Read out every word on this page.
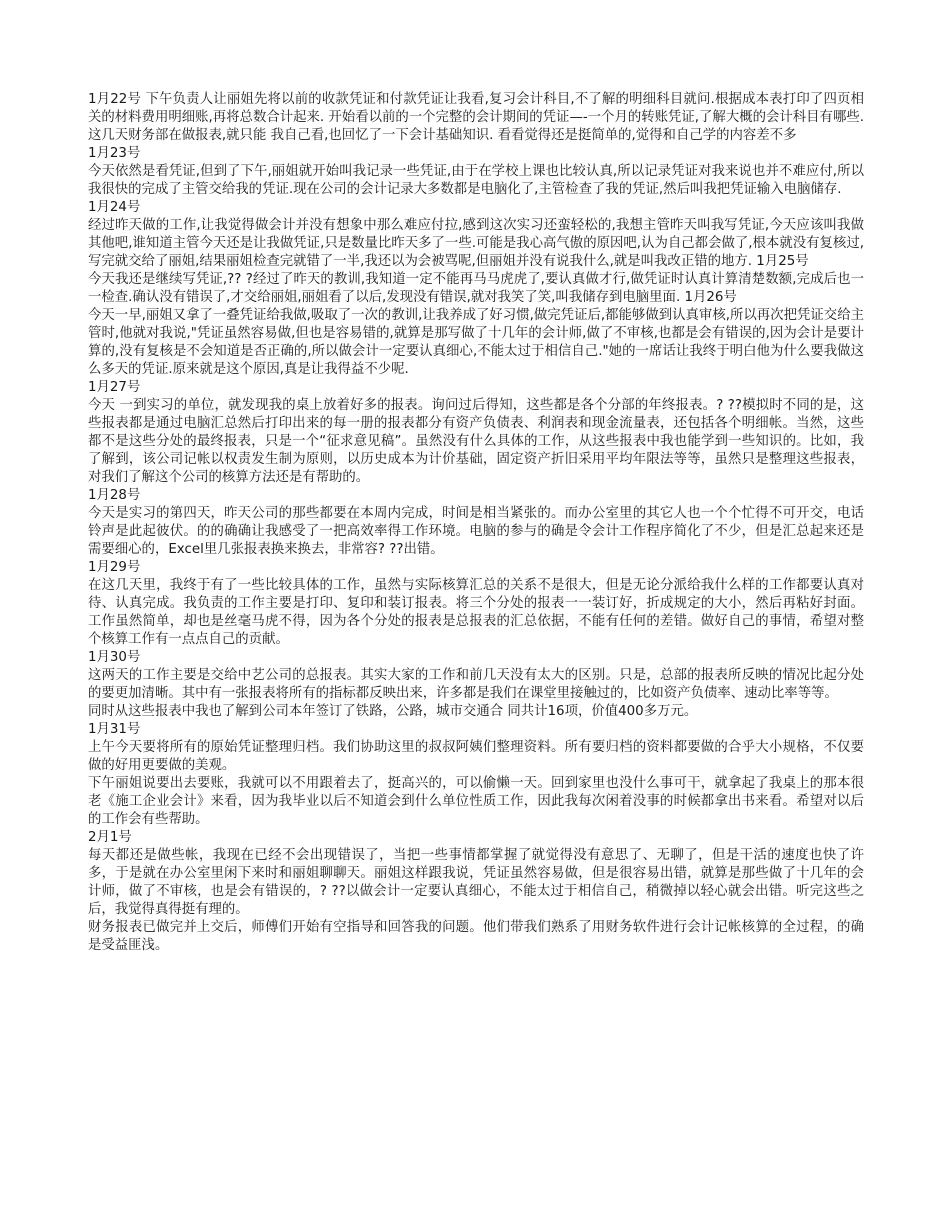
1月22号 下午负责人让丽姐先将以前的收款凭证和付款凭证让我看,复习会计科目,不了解的明细科目就问.根据成本表打印了四页相关的材料费用明细账,再将总数合计起来. 开始看以前的一个完整的会计期间的凭证—-一个月的转账凭证,了解大概的会计科目有哪些.这几天财务部在做报表,就只能 我自己看,也回忆了一下会计基础知识. 看看觉得还是挺简单的,觉得和自己学的内容差不多

1月23号

今天依然是看凭证,但到了下午,丽姐就开始叫我记录一些凭证,由于在学校上课也比较认真,所以记录凭证对我来说也并不难应付,所以我很快的完成了主管交给我的凭证.现在公司的会计记录大多数都是电脑化了,主管检查了我的凭证,然后叫我把凭证输入电脑储存.

1月24号

经过昨天做的工作,让我觉得做会计并没有想象中那么难应付拉,感到这次实习还蛮轻松的,我想主管昨天叫我写凭证,今天应该叫我做其他吧,谁知道主管今天还是让我做凭证,只是数量比昨天多了一些.可能是我心高气傲的原因吧,认为自己都会做了,根本就没有复核过,写完就交给了丽姐,结果丽姐检查完就错了一半,我还以为会被骂呢,但丽姐并没有说我什么,就是叫我改正错的地方. 1月25号

今天我还是继续写凭证,?? ?经过了昨天的教训,我知道一定不能再马马虎虎了,要认真做才行,做凭证时认真计算清楚数额,完成后也一一检查.确认没有错误了,才交给丽姐,丽姐看了以后,发现没有错误,就对我笑了笑,叫我储存到电脑里面. 1月26号

今天一早,丽姐又拿了一叠凭证给我做,吸取了一次的教训,让我养成了好习惯,做完凭证后,都能够做到认真审核,所以再次把凭证交给主管时,他就对我说,"凭证虽然容易做,但也是容易错的,就算是那写做了十几年的会计师,做了不审核,也都是会有错误的,因为会计是要计算的,没有复核是不会知道是否正确的,所以做会计一定要认真细心,不能太过于相信自己."她的一席话让我终于明白他为什么要我做这么多天的凭证.原来就是这个原因,真是让我得益不少呢.

1月27号

今天 一到实习的单位，就发现我的桌上放着好多的报表。询问过后得知，这些都是各个分部的年终报表。? ??模拟时不同的是，这些报表都是通过电脑汇总然后打印出来的每一册的报表都分有资产负债表、利润表和现金流量表，还包括各个明细帐。当然，这些都不是这些分处的最终报表，只是一个“征求意见稿”。虽然没有什么具体的工作，从这些报表中我也能学到一些知识的。比如，我了解到，该公司记帐以权责发生制为原则，以历史成本为计价基础，固定资产折旧采用平均年限法等等，虽然只是整理这些报表，对我们了解这个公司的核算方法还是有帮助的。

1月28号

今天是实习的第四天，昨天公司的那些都要在本周内完成，时间是相当紧张的。而办公室里的其它人也一个个忙得不可开交，电话铃声是此起彼伏。的的确确让我感受了一把高效率得工作环境。电脑的参与的确是令会计工作程序简化了不少，但是汇总起来还是需要细心的，Excel里几张报表换来换去，非常容? ??出错。

1月29号

在这几天里，我终于有了一些比较具体的工作，虽然与实际核算汇总的关系不是很大，但是无论分派给我什么样的工作都要认真对待、认真完成。我负责的工作主要是打印、复印和装订报表。将三个分处的报表一一装订好，折成规定的大小，然后再粘好封面。工作虽然简单，却也是丝毫马虎不得，因为各个分处的报表是总报表的汇总依据，不能有任何的差错。做好自己的事情，希望对整个核算工作有一点点自己的贡献。

1月30号

这两天的工作主要是交给中艺公司的总报表。其实大家的工作和前几天没有太大的区别。只是，总部的报表所反映的情况比起分处的要更加清晰。其中有一张报表将所有的指标都反映出来，许多都是我们在课堂里接触过的，比如资产负债率、速动比率等等。

同时从这些报表中我也了解到公司本年签订了铁路，公路，城市交通合 同共计16项，价值400多万元。

1月31号

上午今天要将所有的原始凭证整理归档。我们协助这里的叔叔阿姨们整理资料。所有要归档的资料都要做的合乎大小规格，不仅要做的好用更要做的美观。

下午丽姐说要出去要账，我就可以不用跟着去了，挺高兴的，可以偷懒一天。回到家里也没什么事可干，就拿起了我桌上的那本很老《施工企业会计》来看，因为我毕业以后不知道会到什么单位性质工作，因此我每次闲着没事的时候都拿出书来看。希望对以后的工作会有些帮助。

2月1号

每天都还是做些帐，我现在已经不会出现错误了，当把一些事情都掌握了就觉得没有意思了、无聊了，但是干活的速度也快了许多，于是就在办公室里闲下来时和丽姐聊聊天。丽姐这样跟我说，凭证虽然容易做，但是很容易出错，就算是那些做了十几年的会计师，做了不审核，也是会有错误的，? ??以做会计一定要认真细心，不能太过于相信自己，稍微掉以轻心就会出错。听完这些之后，我觉得真得挺有理的。

财务报表已做完并上交后，师傅们开始有空指导和回答我的问题。他们带我们熟系了用财务软件进行会计记帐核算的全过程，的确是受益匪浅。
